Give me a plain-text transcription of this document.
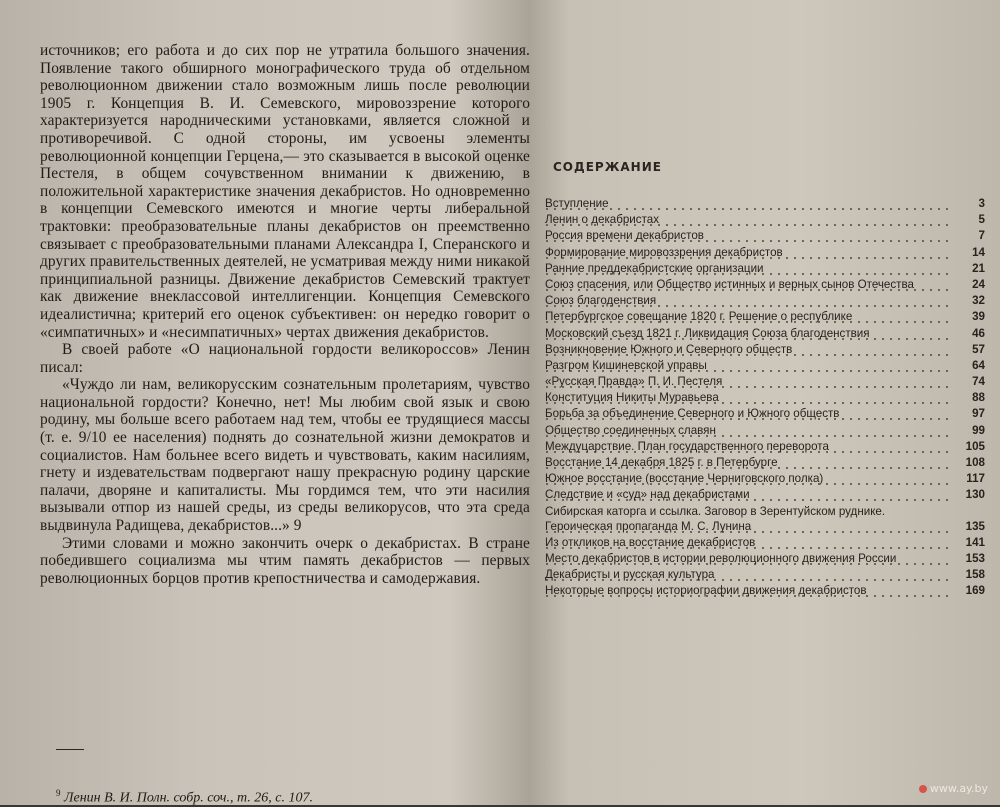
источников; его работа и до сих пор не утратила большого значения. Появление такого обширного монографического труда об отдельном революционном движении стало возможным лишь после революции 1905 г. Концепция В. И. Семевского, мировоззрение которого характеризуется народническими установками, является сложной и противоречивой. С одной стороны, им усвоены элементы революционной концепции Герцена,— это сказывается в высокой оценке Пестеля, в общем сочувственном внимании к движению, в положительной характеристике значения декабристов. Но одновременно в концепции Семевского имеются и многие черты либеральной трактовки: преобразовательные планы декабристов он преемственно связывает с преобразовательными планами Александра I, Сперанского и других правительственных деятелей, не усматривая между ними никакой принципиальной разницы. Движение декабристов Семевский трактует как движение внеклассовой интеллигенции. Концепция Семевского идеалистична; критерий его оценок субъективен: он нередко говорит о «симпатичных» и «несимпатичных» чертах движения декабристов.

В своей работе «О национальной гордости великороссов» Ленин писал:

«Чуждо ли нам, великорусским сознательным пролетариям, чувство национальной гордости? Конечно, нет! Мы любим свой язык и свою родину, мы больше всего работаем над тем, чтобы ее трудящиеся массы (т. е. 9/10 ее населения) поднять до сознательной жизни демократов и социалистов. Нам больнее всего видеть и чувствовать, каким насилиям, гнету и издевательствам подвергают нашу прекрасную родину царские палачи, дворяне и капиталисты. Мы гордимся тем, что эти насилия вызывали отпор из нашей среды, из среды великорусов, что эта среда выдвинула Радищева, декабристов...» 9

Этими словами и можно закончить очерк о декабристах. В стране победившего социализма мы чтим память декабристов — первых революционных борцов против крепостничества и самодержавия.

$^9$ Ленин В. И. Полн. собр. соч., т. 26, с. 107.

СОДЕРЖАНИЕ
Вступление	3
Ленин о декабристах	5
Россия времени декабристов	7
Формирование мировоззрения декабристов	14
Ранние преддекабристские организации	21
Союз спасения, или Общество истинных и верных сынов Отечества	24
Союз благоденствия	32
Петербургское совещание 1820 г. Решение о республике	39
Московский съезд 1821 г. Ликвидация Союза благоденствия	46
Возникновение Южного и Северного обществ	57
Разгром Кишиневской управы	64
«Русская Правда» П. И. Пестеля	74
Конституция Никиты Муравьева	88
Борьба за объединение Северного и Южного обществ	97
Общество соединенных славян	99
Междуцарствие. План государственного переворота	105
Восстание 14 декабря 1825 г. в Петербурге	108
Южное восстание (восстание Черниговского полка)	117
Следствие и «суд» над декабристами	130
Сибирская каторга и ссылка. Заговор в Зерентуйском руднике. Героическая пропаганда М. С. Лунина	135
Из откликов на восстание декабристов	141
Место декабристов в истории революционного движения России	153
Декабристы и русская культура	158
Некоторые вопросы историографии движения декабристов	169
www.ay.by
